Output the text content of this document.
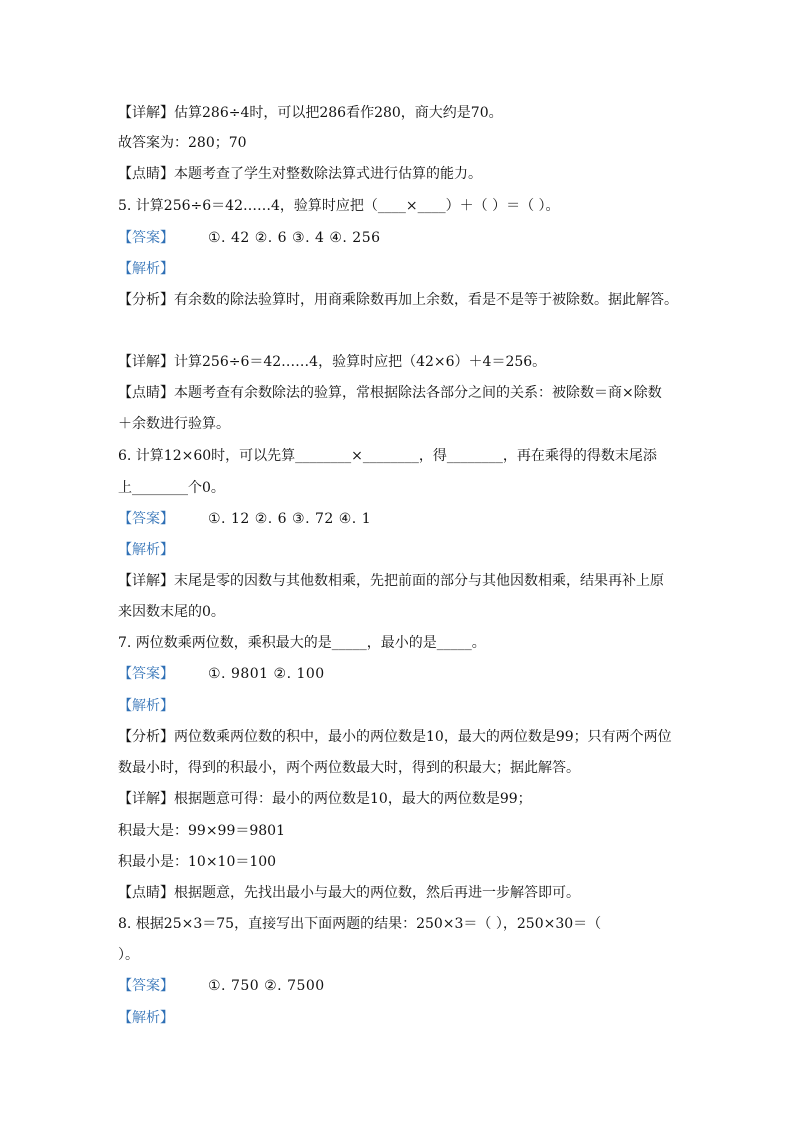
【详解】估算286÷4时，可以把286看作280，商大约是70。
故答案为：280；70
【点睛】本题考查了学生对整数除法算式进行估算的能力。
5. 计算256÷6＝42……4，验算时应把（____×____）＋（ ）＝（ ）。
【答案】 ①. 42 ②. 6 ③. 4 ④. 256
【解析】
【分析】有余数的除法验算时，用商乘除数再加上余数，看是不是等于被除数。据此解答。
【详解】计算256÷6＝42……4，验算时应把（42×6）＋4＝256。
【点睛】本题考查有余数除法的验算，常根据除法各部分之间的关系：被除数＝商×除数
＋余数进行验算。
6. 计算12×60时，可以先算________×________，得________，再在乘得的得数末尾添
上________个0。
【答案】 ①. 12 ②. 6 ③. 72 ④. 1
【解析】
【详解】末尾是零的因数与其他数相乘，先把前面的部分与其他因数相乘，结果再补上原
来因数末尾的0。
7. 两位数乘两位数，乘积最大的是_____，最小的是_____。
【答案】 ①. 9801 ②. 100
【解析】
【分析】两位数乘两位数的积中，最小的两位数是10，最大的两位数是99；只有两个两位
数最小时，得到的积最小，两个两位数最大时，得到的积最大；据此解答。
【详解】根据题意可得：最小的两位数是10，最大的两位数是99；
积最大是：99×99＝9801
积最小是：10×10＝100
【点睛】根据题意，先找出最小与最大的两位数，然后再进一步解答即可。
8. 根据25×3＝75，直接写出下面两题的结果：250×3＝（ ），250×30＝（
）。
【答案】 ①. 750 ②. 7500
【解析】
